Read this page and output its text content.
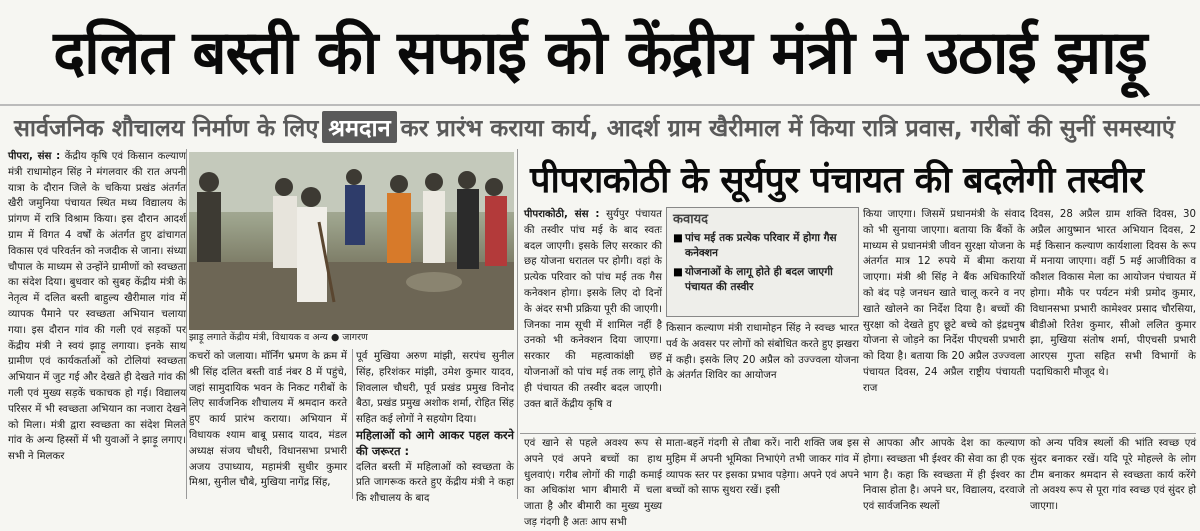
दलित बस्ती की सफाई को केंद्रीय मंत्री ने उठाई झाड़ू
सार्वजनिक शौचालय निर्माण के लिए श्रमदान कर प्रारंभ कराया कार्य, आदर्श ग्राम खैरीमाल में किया रात्रि प्रवास, गरीबों की सुनीं समस्याएं
पीपरा, संस : केंद्रीय कृषि एवं किसान कल्याण मंत्री राधामोहन सिंह ने मंगलवार की रात अपनी यात्रा के दौरान जिले के चकिया प्रखंड अंतर्गत खैरी जमुनिया पंचायत स्थित मध्य विद्यालय के प्रांगण में रात्रि विश्राम किया। इस दौरान आदर्श ग्राम में विगत 4 वर्षों के अंतर्गत हुए ढांचागत विकास एवं परिवर्तन को नजदीक से जाना। संध्या चौपाल के माध्यम से उन्होंने ग्रामीणों को स्वच्छता का संदेश दिया। बुधवार को सुबह केंद्रीय मंत्री के नेतृत्व में दलित बस्ती बाहुल्य खैरीमाल गांव में व्यापक पैमाने पर स्वच्छता अभियान चलाया गया। इस दौरान गांव की गली एवं सड़कों पर केंद्रीय मंत्री ने स्वयं झाड़ू लगाया। इनके साथ ग्रामीण एवं कार्यकर्ताओं को टोलियां स्वच्छता अभियान में जुट गई और देखते ही देखते गांव की गली एवं मुख्य सड़कें चकाचक हो गई। विद्यालय परिसर में भी स्वच्छता अभियान का नजारा देखने को मिला। मंत्री द्वारा स्वच्छता का संदेश मिलते गांव के अन्य हिस्सों में भी युवाओं ने झाड़ू लगाए। सभी ने मिलकर
झाड़ू लगाते केंद्रीय मंत्री, विधायक व अन्य ● जागरण
कचरों को जलाया। मॉर्निंग भ्रमण के क्रम में श्री सिंह दलित बस्ती वार्ड नंबर 8 में पहुंचे, जहां सामुदायिक भवन के निकट गरीबों के लिए सार्वजनिक शौचालय में श्रमदान करते हुए कार्य प्रारंभ कराया। अभियान में विधायक श्याम बाबू प्रसाद यादव, मंडल अध्यक्ष संजय चौधरी, विधानसभा प्रभारी अजय उपाध्याय, महामंत्री सुधीर कुमार मिश्रा, सुनील चौबे, मुखिया नागेंद्र सिंह,
पूर्व मुखिया अरुण मांझी, सरपंच सुनील सिंह, हरिशंकर मांझी, उमेश कुमार यादव, शिवलाल चौधरी, पूर्व प्रखंड प्रमुख विनोद बैठा, प्रखंड प्रमुख अशोक शर्मा, रोहित सिंह सहित कई लोगों ने सहयोग दिया।
महिलाओं को आगे आकर पहल करने की जरूरत :
दलित बस्ती में महिलाओं को स्वच्छता के प्रति जागरूक करते हुए केंद्रीय मंत्री ने कहा कि शौचालय के बाद
पीपराकोठी के सूर्यपुर पंचायत की बदलेगी तस्वीर
पीपराकोठी, संस : सुर्यपुर पंचायत की तस्वीर पांच मई के बाद स्वतः बदल जाएगी। इसके लिए सरकार की छह योजना धरातल पर होगी। वहां के प्रत्येक परिवार को पांच मई तक गैस कनेक्शन होगा। इसके लिए दो दिनों के अंदर सभी प्रक्रिया पूरी की जाएगी। जिनका नाम सूची में शामिल नहीं है उनको भी कनेक्शन दिया जाएगा। सरकार की महत्वाकांक्षी छह योजनाओं को पांच मई तक लागू होते ही पंचायत की तस्वीर बदल जाएगी। उक्त बातें केंद्रीय कृषि व
कवायद
■ पांच मई तक प्रत्येक परिवार में होगा गैस कनेक्शन
■ योजनाओं के लागू होते ही बदल जाएगी पंचायत की तस्वीर
किसान कल्याण मंत्री राधामोहन सिंह ने स्वच्छ भारत पर्व के अवसर पर लोगों को संबोधित करते हुए झखरा में कही। इसके लिए 20 अप्रैल को उज्ज्वला योजना के अंतर्गत शिविर का आयोजन
किया जाएगा। जिसमें प्रधानमंत्री के संवाद को भी सुनाया जाएगा। बताया कि बैंकों के माध्यम से प्रधानमंत्री जीवन सुरक्षा योजना के अंतर्गत मात्र 12 रुपये में बीमा कराया जाएगा। मंत्री श्री सिंह ने बैंक अधिकारियों को बंद पड़े जनधन खाते चालू करने व नए खाते खोलने का निर्देश दिया है। बच्चों की सुरक्षा को देखते हुए छूटे बच्चे को इंद्रधनुष योजना से जोड़ने का निर्देश पीएचसी प्रभारी को दिया है। बताया कि 20 अप्रैल उज्ज्वला पंचायत दिवस, 24 अप्रैल राष्ट्रीय पंचायती राज
दिवस, 28 अप्रैल ग्राम शक्ति दिवस, 30 अप्रैल आयुष्मान भारत अभियान दिवस, 2 मई किसान कल्याण कार्यशाला दिवस के रूप में मनाया जाएगा। वहीं 5 मई आजीविका व कौशल विकास मेला का आयोजन पंचायत में होगा। मौके पर पर्यटन मंत्री प्रमोद कुमार, विधानसभा प्रभारी कामेश्वर प्रसाद चौरसिया, बीडीओ रितेश कुमार, सीओ ललित कुमार झा, मुखिया संतोष शर्मा, पीएचसी प्रभारी आरएस गुप्ता सहित सभी विभागों के पदाधिकारी मौजूद थे।
एवं खाने से पहले अवश्य रूप से अपने एवं अपने बच्चों का हाथ धुलवाएं। गरीब लोगों की गाढ़ी कमाई का अधिकांश भाग बीमारी में चला जाता है और बीमारी का मुख्य मुख्य जड़ गंदगी है अतः आप सभी
माता-बहनें गंदगी से तौबा करें। नारी शक्ति जब इस मुहिम में अपनी भूमिका निभाएंगे तभी जाकर गांव में व्यापक स्तर पर इसका प्रभाव पड़ेगा। अपने एवं अपने बच्चों को साफ सुथरा रखें। इसी
से आपका और आपके देश का कल्याण होगा। स्वच्छता भी ईश्वर की सेवा का ही एक भाग है। कहा कि स्वच्छता में ही ईश्वर का निवास होता है। अपने घर, विद्यालय, दरवाजे एवं सार्वजनिक स्थलों
को अन्य पवित्र स्थलों की भांति स्वच्छ एवं सुंदर बनाकर रखें। यदि पूरे मोहल्ले के लोग टीम बनाकर श्रमदान से स्वच्छता कार्य करेंगे तो अवश्य रूप से पूरा गांव स्वच्छ एवं सुंदर हो जाएगा।
